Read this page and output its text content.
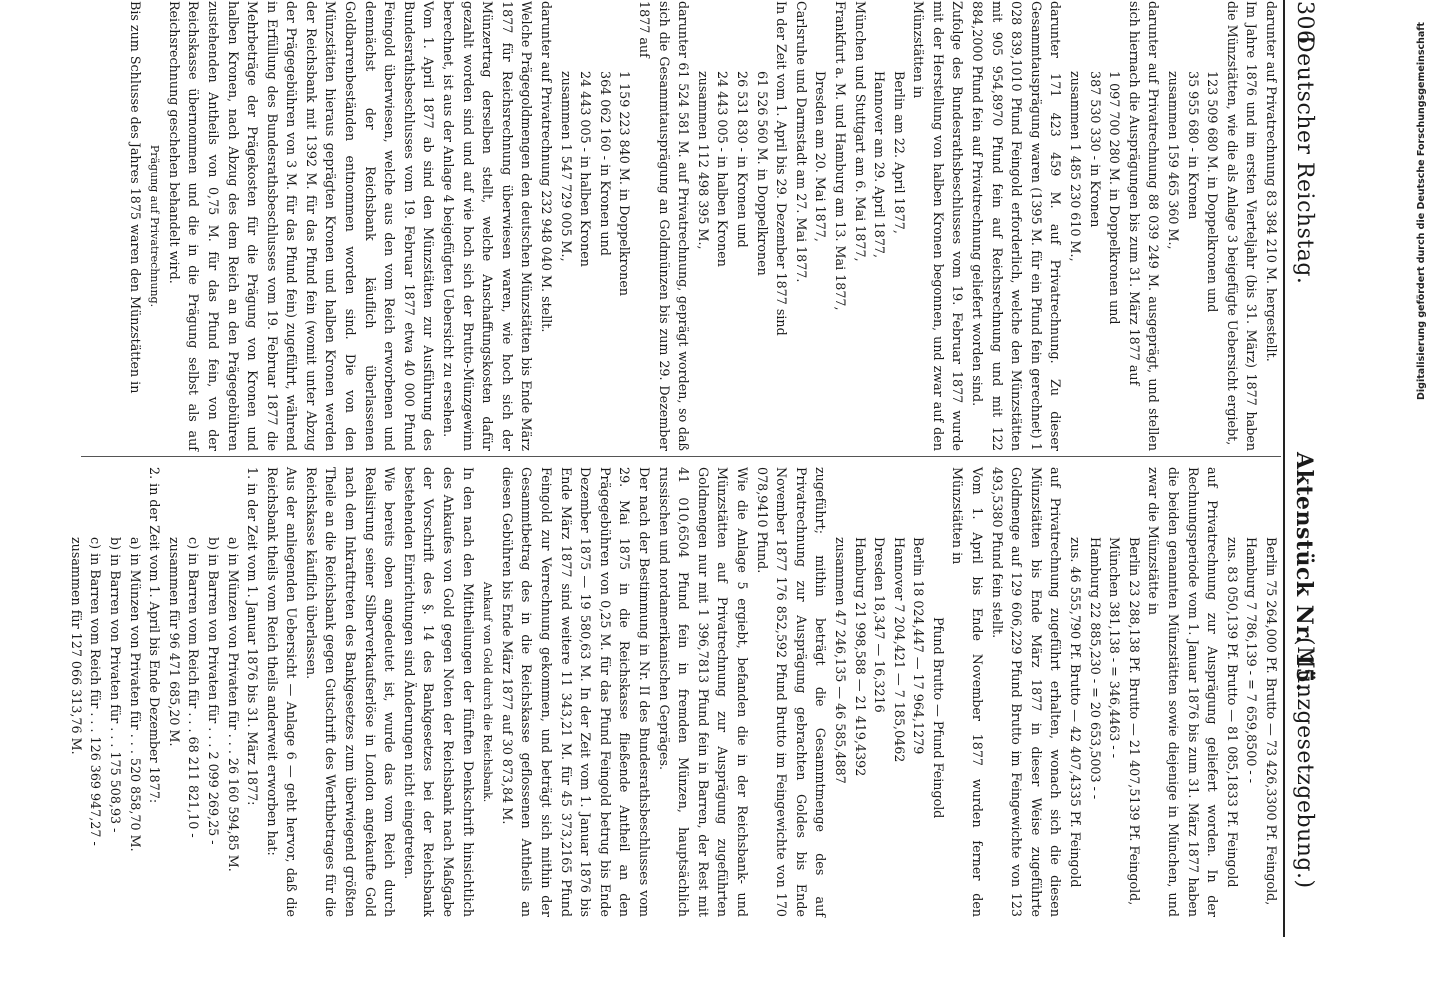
306
Deutscher Reichstag.
Aktenstück Nr. 15.
(Münzgesetzgebung.)

darunter auf Privatrechnung 83 384 210 M. hergestellt.

Im Jahre 1876 und im ersten Vierteljahr (bis 31. März) 1877 haben die Münzstätten, wie die als Anlage 3 beigefügte Uebersicht ergiebt,

123 509 680 M. in Doppelkronen und

35 955 680 - in Kronen

zusammen 159 465 360 M.,

darunter auf Privatrechnung 88 039 249 M. ausgeprägt, und stellen sich hiernach die Ausprägungen bis zum 31. März 1877 auf

1 097 700 280 M. in Doppelkronen und

387 530 330 - in Kronen

zusammen 1 485 230 610 M.,

darunter 171 423 459 M. auf Privatrechnung. Zu dieser Gesammtausprägung waren (1395 M. für ein Pfund fein gerechnet) 1 028 839,1010 Pfund Feingold erforderlich, welche den Münzstätten mit 905 954,8970 Pfund fein auf Reichsrechnung und mit 122 884,2000 Pfund fein auf Privatrechnung geliefert worden sind.

Zufolge des Bundesrathsbeschlusses vom 19. Februar 1877 wurde mit der Herstellung von halben Kronen begonnen, und zwar auf den Münzstätten in

Berlin am 22. April 1877,

Hannover am 29. April 1877,

München und Stuttgart am 6. Mai 1877,

Frankfurt a. M. und Hamburg am 13. Mai 1877,

Dresden am 20. Mai 1877,

Carlsruhe und Darmstadt am 27. Mai 1877.

In der Zeit vom 1. April bis 29. Dezember 1877 sind

61 526 560 M. in Doppelkronen

26 531 830 - in Kronen und

24 443 005 - in halben Kronen

zusammen 112 498 395 M.,

darunter 61 524 581 M. auf Privatrechnung, geprägt worden, so daß sich die Gesammtausprägung an Goldmünzen bis zum 29. Dezember 1877 auf

1 159 223 840 M. in Doppelkronen

364 062 160 - in Kronen und

24 443 005 - in halben Kronen

zusammen 1 547 729 005 M.,

darunter auf Privatrechnung 232 948 040 M. stellt.

Welche Prägegoldmengen den deutschen Münzstätten bis Ende März 1877 für Reichsrechnung überwiesen waren, wie hoch sich der Münzertrag derselben stellt, welche Anschaffungskosten dafür gezahlt worden sind und auf wie hoch sich der Brutto-Münzgewinn berechnet, ist aus der Anlage 4 beigefügten Uebersicht zu ersehen.

Vom 1. April 1877 ab sind den Münzstätten zur Ausführung des Bundesrathsbeschlusses vom 19. Februar 1877 etwa 40 000 Pfund Feingold überwiesen, welche aus den vom Reich erworbenen und demnächst der Reichsbank käuflich überlassenen Goldbarrenbeständen entnommen worden sind. Die von den Münzstätten hieraus geprägten Kronen und halben Kronen werden der Reichsbank mit 1392 M. für das Pfund fein (womit unter Abzug der Prägegebühren von 3 M. für das Pfund fein) zugeführt, während in Erfüllung des Bundesrathsbeschlusses vom 19. Februar 1877 die Mehrbeträge der Prägekosten für die Prägung von Kronen und halben Kronen, nach Abzug des dem Reich an den Prägegebühren zustehenden Antheils von 0,75 M. für das Pfund fein, von der Reichskasse übernommen und die in die Prägung selbst als auf Reichsrechnung geschehen behandelt wird.

Prägung auf Privatrechnung.

Bis zum Schlusse des Jahres 1875 waren den Münzstätten in

Berlin 75 264,000 Pf. Brutto — 73 426,3300 Pf. Feingold,

Hamburg 7 786,139 - = 7 659,8500 - -

zus. 83 050,139 Pf. Brutto — 81 085,1833 Pf. Feingold

auf Privatrechnung zur Ausprägung geliefert worden. In der Rechnungsperiode vom 1. Januar 1876 bis zum 31. März 1877 haben die beiden genannten Münzstätten sowie diejenige in München, und zwar die Münzstätte in

Berlin 23 288,138 Pf. Brutto — 21 407,5139 Pf. Feingold,

München 381,138 - = 346,4463 - -

Hamburg 22 885,230 - = 20 653,5003 - -

zus. 46 555,790 Pf. Brutto — 42 407,4335 Pf. Feingold

auf Privatrechnung zugeführt erhalten, wonach sich die diesen Münzstätten bis Ende März 1877 in dieser Weise zugeführte Goldmenge auf 129 606,229 Pfund Brutto im Feingewichte von 123 493,5380 Pfund fein stellt.

Vom 1. April bis Ende November 1877 wurden ferner den Münzstätten in

Pfund Brutto — Pfund Feingold

Berlin 18 024,447 — 17 964,1279

Hannover 7 204,421 — 7 185,0462

Dresden 18,347 — 16,3216

Hamburg 21 998,588 — 21 419,4392

zusammen 47 246,135 — 46 585,4887

zugeführt; mithin beträgt die Gesammtmenge des auf Privatrechnung zur Ausprägung gebrachten Goldes bis Ende November 1877 176 852,592 Pfund Brutto im Feingewichte von 170 078,9410 Pfund.

Wie die Anlage 5 ergiebt, befanden die in der Reichsbank- und Münzstätten auf Privatrechnung zur Ausprägung zugeführten Goldmengen nur mit 1 396,7813 Pfund fein in Barren, der Rest mit 41 010,6504 Pfund fein in fremden Münzen, hauptsächlich russischen und nordamerikanischen Gepräges.

Der nach der Bestimmung in Nr. II des Bundesrathsbeschlusses vom 29. Mai 1875 in die Reichskasse fließende Antheil an den Prägegebühren von 0,25 M. für das Pfund Feingold betrug bis Ende Dezember 1875 — 19 580,63 M. In der Zeit vom 1. Januar 1876 bis Ende März 1877 sind weitere 11 343,21 M. für 45 373,2165 Pfund Feingold zur Verrechnung gekommen, und beträgt sich mithin der Gesammtbetrag des in die Reichskasse geflossenen Antheils an diesen Gebühren bis Ende März 1877 auf 30 873,84 M.

Ankauf von Gold durch die Reichsbank.

In den nach den Mittheilungen der fünften Denkschrift hinsichtlich des Ankaufes von Gold gegen Noten der Reichsbank nach Maßgabe der Vorschrift des §. 14 des Bankgesetzes bei der Reichsbank bestehenden Einrichtungen sind Änderungen nicht eingetreten.

Wie bereits oben angedeutet ist, wurde das vom Reich durch Realisirung seiner Silberverkaufserlöse in London angekaufte Gold nach dem Inkrafttreten des Bankgesetzes zum überwiegend größten Theile an die Reichsbank gegen Gutschrift des Werthbetrages für die Reichskasse käuflich überlassen.

Aus der anliegenden Uebersicht — Anlage 6 — geht hervor, daß die Reichsbank theils vom Reich theils anderweit erworben hat:

1. in der Zeit vom 1. Januar 1876 bis 31. März 1877:

a) in Münzen von Privaten für . . . 26 160 594,85 M.

b) in Barren von Privaten für . . . 2 099 269,25 -

c) in Barren vom Reich für . . . 68 211 821,10 -

zusammen für 96 471 685,20 M.

2. in der Zeit vom 1. April bis Ende Dezember 1877:

a) in Münzen von Privaten für . . . 520 858,70 M.

b) in Barren von Privaten für . . . 175 508,93 -

c) in Barren vom Reich für . . . 126 369 947,27 -

zusammen für 127 066 313,76 M.

Digitalisierung gefördert durch die Deutsche Forschungsgemeinschaft
